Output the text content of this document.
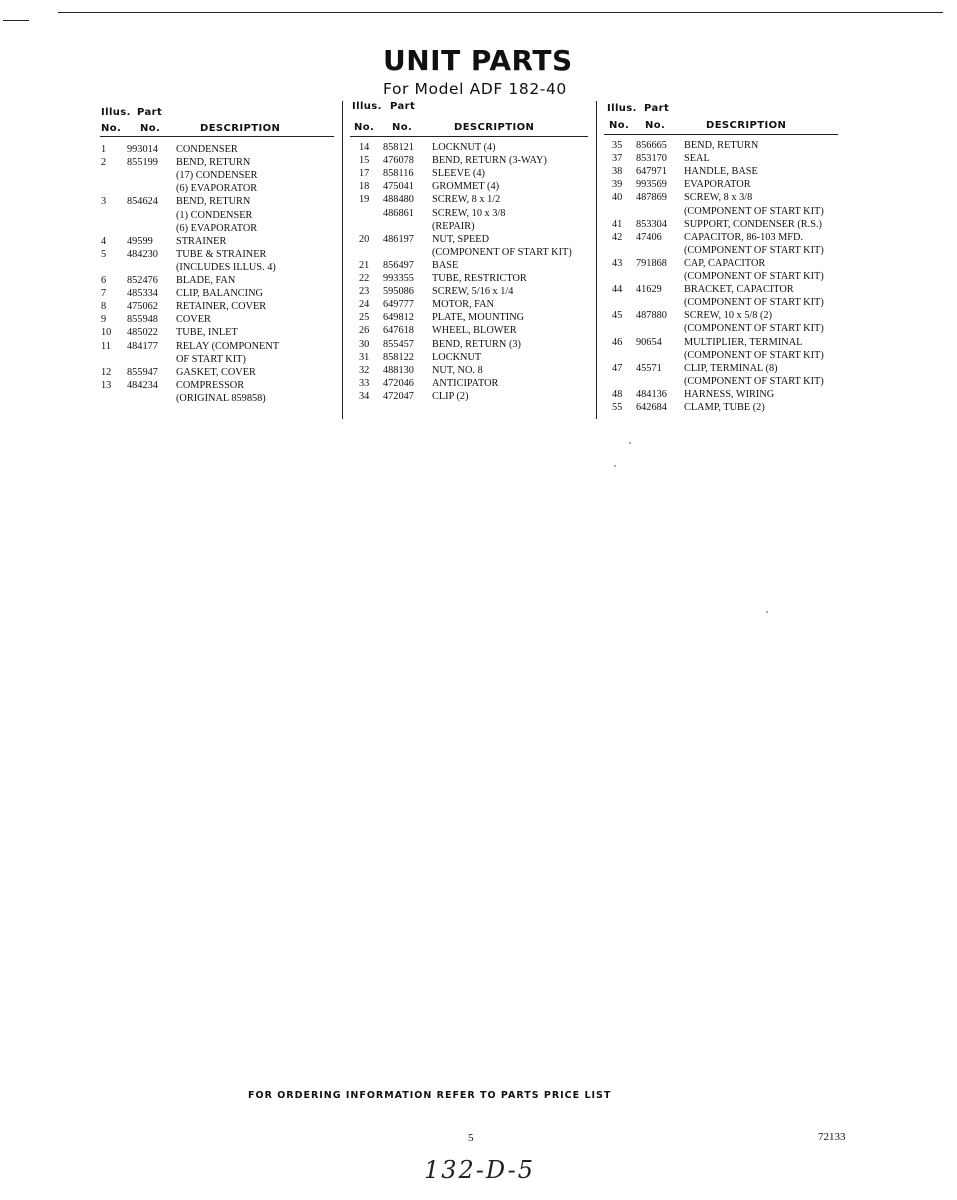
UNIT PARTS
For Model ADF 182-40
Illus. Part
No. No.	DESCRIPTION
1 993014 CONDENSER
2 855199 BEND, RETURN
(17) CONDENSER
(6) EVAPORATOR
3 854624 BEND, RETURN
(1) CONDENSER
(6) EVAPORATOR
4 49599 STRAINER
5 484230 TUBE & STRAINER
(INCLUDES ILLUS. 4)
6 852476 BLADE, FAN
7 485334 CLIP, BALANCING
8 475062 RETAINER, COVER
9 855948 COVER
10 485022 TUBE, INLET
11 484177 RELAY (COMPONENT
OF START KIT)
12 855947 GASKET, COVER
13 484234 COMPRESSOR
(ORIGINAL 859858)
Illus. Part
No. No.	DESCRIPTION
14 858121 LOCKNUT (4)
15 476078 BEND, RETURN (3-WAY)
17 858116 SLEEVE (4)
18 475041 GROMMET (4)
19 488480 SCREW, 8 x 1/2
486861 SCREW, 10 x 3/8
(REPAIR)
20 486197 NUT, SPEED
(COMPONENT OF START KIT)
21 856497 BASE
22 993355 TUBE, RESTRICTOR
23 595086 SCREW, 5/16 x 1/4
24 649777 MOTOR, FAN
25 649812 PLATE, MOUNTING
26 647618 WHEEL, BLOWER
30 855457 BEND, RETURN (3)
31 858122 LOCKNUT
32 488130 NUT, NO. 8
33 472046 ANTICIPATOR
34 472047 CLIP (2)
Illus. Part
No. No.	DESCRIPTION
35 856665 BEND, RETURN
37 853170 SEAL
38 647971 HANDLE, BASE
39 993569 EVAPORATOR
40 487869 SCREW, 8 x 3/8
(COMPONENT OF START KIT)
41 853304 SUPPORT, CONDENSER (R.S.)
42 47406 CAPACITOR, 86-103 MFD.
(COMPONENT OF START KIT)
43 791868 CAP, CAPACITOR
(COMPONENT OF START KIT)
44 41629 BRACKET, CAPACITOR
(COMPONENT OF START KIT)
45 487880 SCREW, 10 x 5/8 (2)
(COMPONENT OF START KIT)
46 90654 MULTIPLIER, TERMINAL
(COMPONENT OF START KIT)
47 45571 CLIP, TERMINAL (8)
(COMPONENT OF START KIT)
48 484136 HARNESS, WIRING
55 642684 CLAMP, TUBE (2)
FOR ORDERING INFORMATION REFER TO PARTS PRICE LIST
5	72133
132-D-5
